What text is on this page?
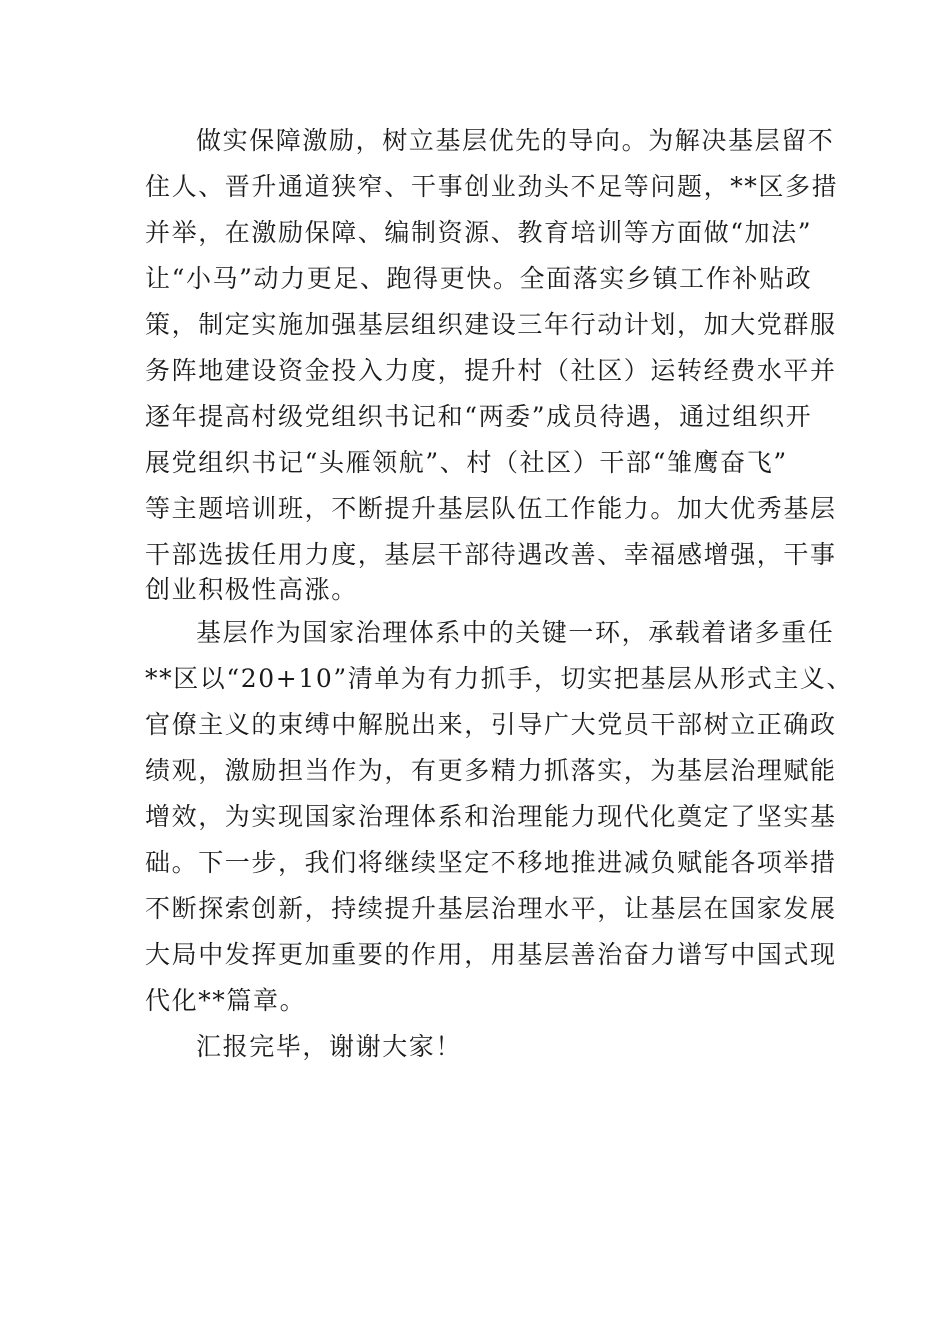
做实保障激励，树立基层优先的导向。为解决基层留不
住人、晋升通道狭窄、干事创业劲头不足等问题，**区多措
并举，在激励保障、编制资源、教育培训等方面做“加法”
让“小马”动力更足、跑得更快。全面落实乡镇工作补贴政
策，制定实施加强基层组织建设三年行动计划，加大党群服
务阵地建设资金投入力度，提升村（社区）运转经费水平并
逐年提高村级党组织书记和“两委”成员待遇，通过组织开
展党组织书记“头雁领航”、村（社区）干部“雏鹰奋飞”
等主题培训班，不断提升基层队伍工作能力。加大优秀基层
干部选拔任用力度，基层干部待遇改善、幸福感增强，干事
创业积极性高涨。
基层作为国家治理体系中的关键一环，承载着诸多重任
**区以“20+10”清单为有力抓手，切实把基层从形式主义、
官僚主义的束缚中解脱出来，引导广大党员干部树立正确政
绩观，激励担当作为，有更多精力抓落实，为基层治理赋能
增效，为实现国家治理体系和治理能力现代化奠定了坚实基
础。下一步，我们将继续坚定不移地推进减负赋能各项举措
不断探索创新，持续提升基层治理水平，让基层在国家发展
大局中发挥更加重要的作用，用基层善治奋力谱写中国式现
代化**篇章。
汇报完毕，谢谢大家！
